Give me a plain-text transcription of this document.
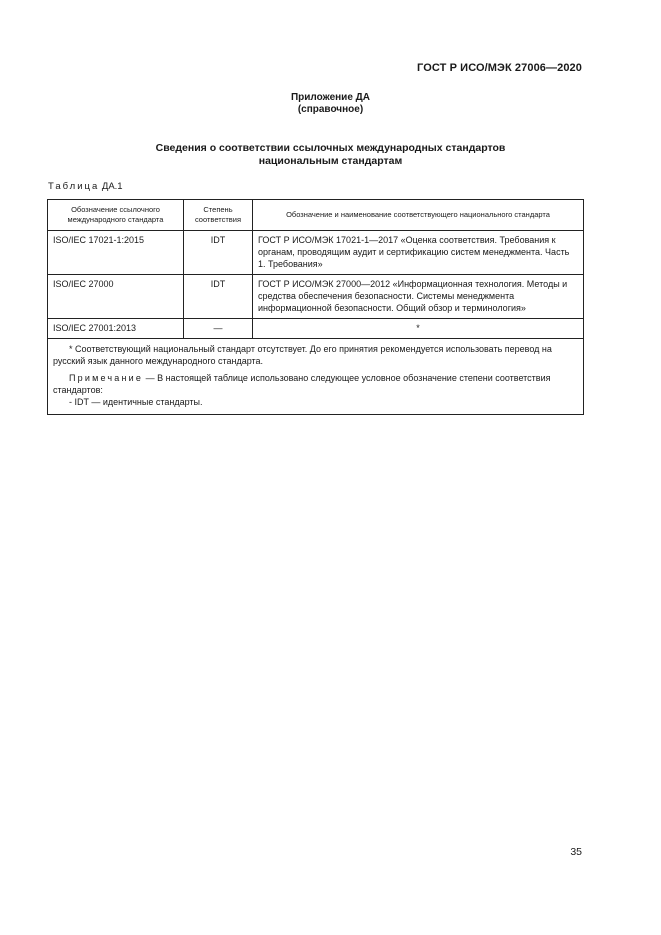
ГОСТ Р ИСО/МЭК 27006—2020
Приложение ДА
(справочное)
Сведения о соответствии ссылочных международных стандартов
национальным стандартам
Таблица ДА.1
Обозначение ссылочного международного стандарта	Степень соответствия	Обозначение и наименование соответствующего национального стандарта
ISO/IEC 17021-1:2015	IDT	ГОСТ Р ИСО/МЭК 17021-1—2017 «Оценка соответствия. Требования к органам, проводящим аудит и сертификацию систем менеджмента. Часть 1. Требования»
ISO/IEC 27000	IDT	ГОСТ Р ИСО/МЭК 27000—2012 «Информационная технология. Методы и средства обеспечения безопасности. Системы менеджмента информационной безопасности. Общий обзор и терминология»
ISO/IEC 27001:2013	—	*

* Соответствующий национальный стандарт отсутствует. До его принятия рекомендуется использовать перевод на русский язык данного международного стандарта.

Примечание — В настоящей таблице использовано следующее условное обозначение степени соответствия стандартов:

- IDT — идентичные стандарты.		

35
